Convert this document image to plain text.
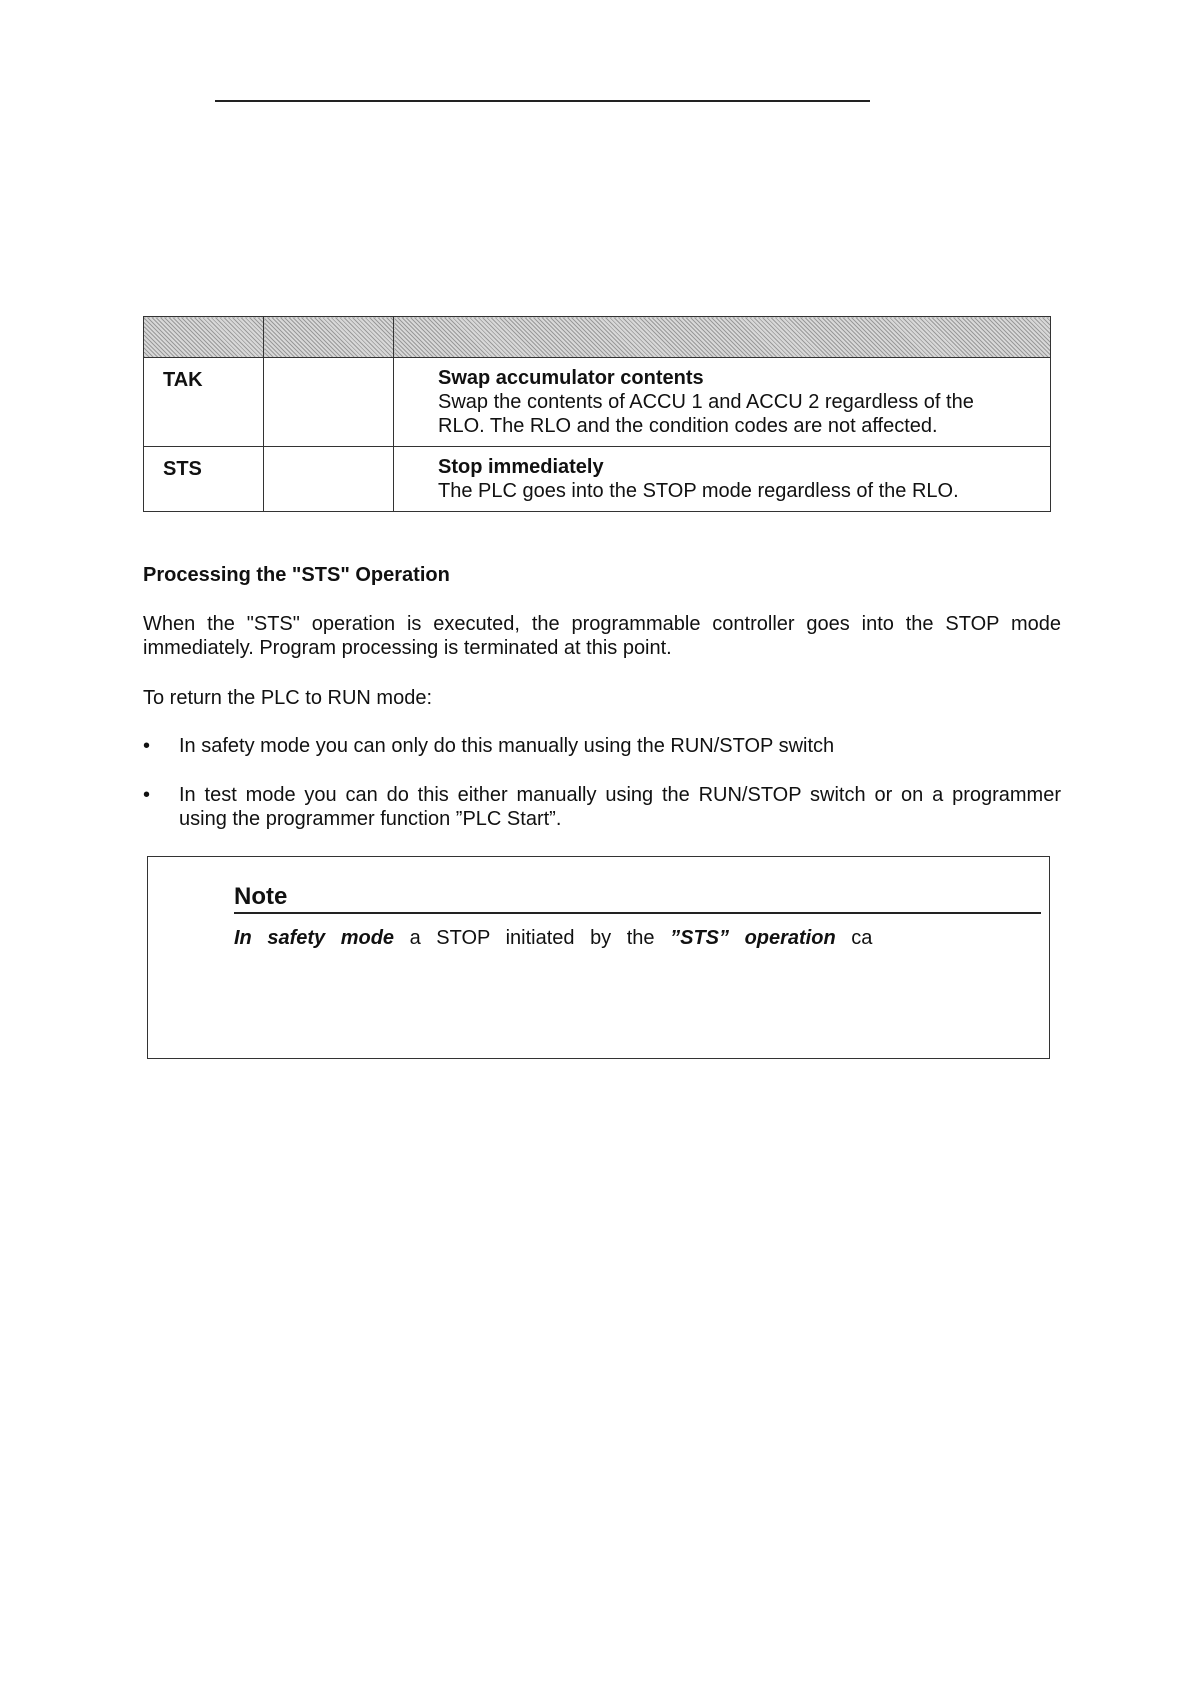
TAK		Swap accumulator contents
Swap the contents of ACCU 1 and ACCU 2 regardless of the
RLO. The RLO and the condition codes are not affected.

STS		Stop immediately
The PLC goes into the STOP mode regardless of the RLO.
Processing the "STS" Operation

When the "STS" operation is executed, the programmable controller goes into the STOP mode immediately. Program processing is terminated at this point.

To return the PLC to RUN mode:

• In safety mode you can only do this manually using the RUN/STOP switch
• In test mode you can do this either manually using the RUN/STOP switch or on a programmer using the programmer function ”PLC Start”.
Note
In safety mode a STOP initiated by the ”STS” operation ca
